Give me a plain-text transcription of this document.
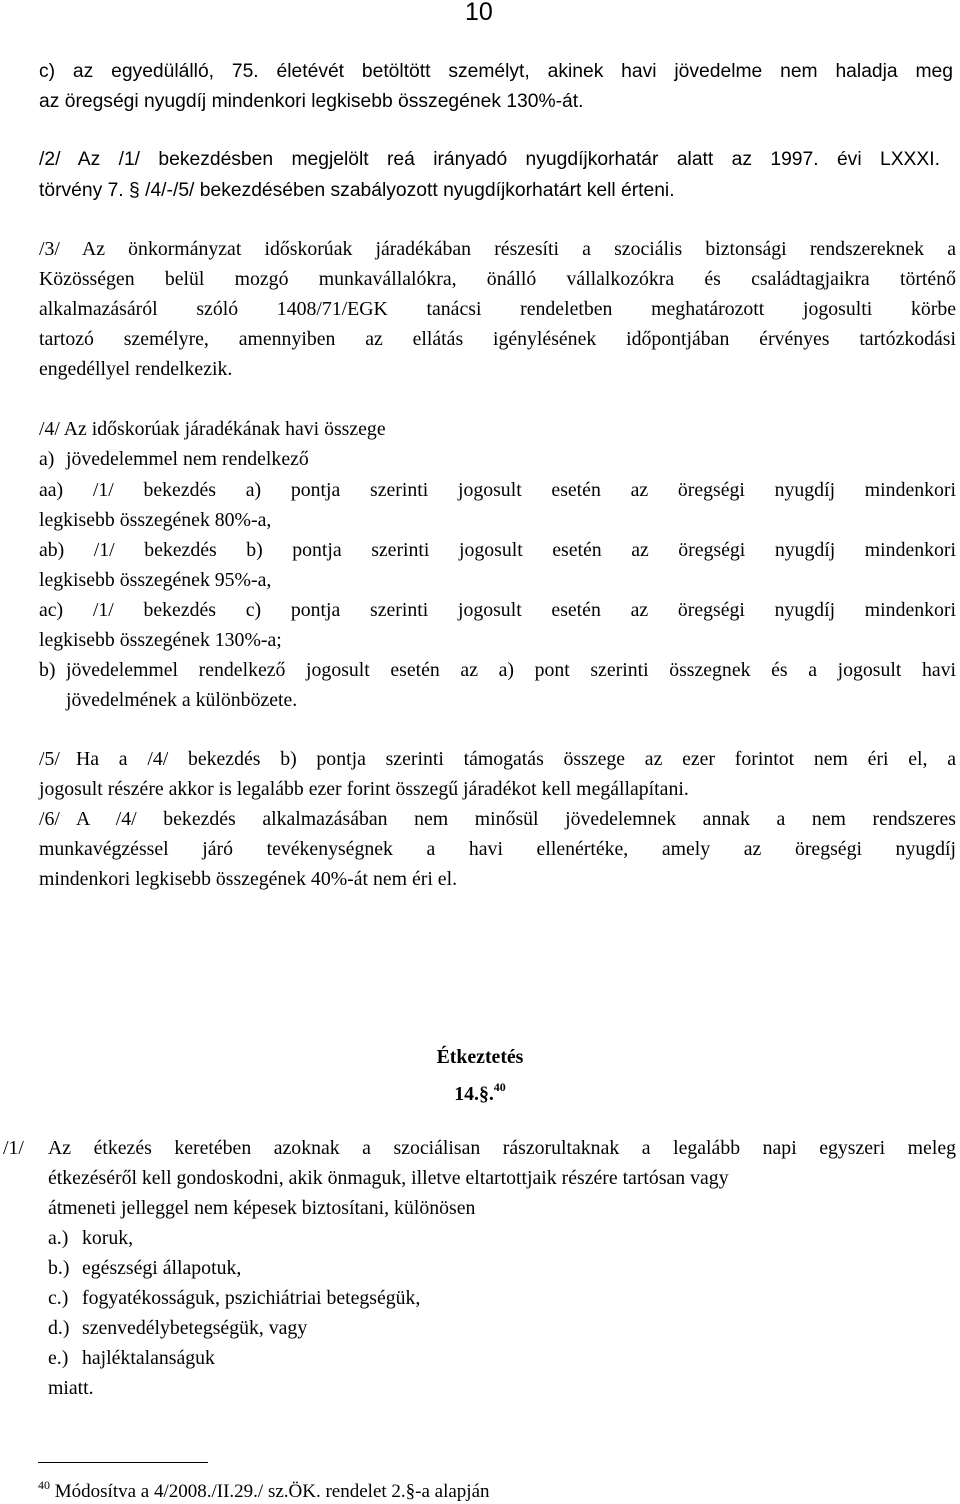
10
c) az egyedülálló, 75. életévét betöltött személyt, akinek havi jövedelme nem haladja meg
az öregségi nyugdíj mindenkori legkisebb összegének 130%-át.
/2/ Az /1/ bekezdésben megjelölt reá irányadó nyugdíjkorhatár alatt az 1997. évi LXXXI.
törvény 7. § /4/-/5/ bekezdésében szabályozott nyugdíjkorhatárt kell érteni.
/3/ Az önkormányzat időskorúak járadékában részesíti a szociális biztonsági rendszereknek a
Közösségen belül mozgó munkavállalókra, önálló vállalkozókra és családtagjaikra történő
alkalmazásáról szóló 1408/71/EGK tanácsi rendeletben meghatározott jogosulti körbe
tartozó személyre, amennyiben az ellátás igénylésének időpontjában érvényes tartózkodási
engedéllyel rendelkezik.
/4/ Az időskorúak járadékának havi összege
a) jövedelemmel nem rendelkező
aa) /1/ bekezdés a) pontja szerinti jogosult esetén az öregségi nyugdíj mindenkori
legkisebb összegének 80%-a,
ab) /1/ bekezdés b) pontja szerinti jogosult esetén az öregségi nyugdíj mindenkori
legkisebb összegének 95%-a,
ac) /1/ bekezdés c) pontja szerinti jogosult esetén az öregségi nyugdíj mindenkori
legkisebb összegének 130%-a;
b) jövedelemmel rendelkező jogosult esetén az a) pont szerinti összegnek és a jogosult havi
jövedelmének a különbözete.
/5/ Ha a /4/ bekezdés b) pontja szerinti támogatás összege az ezer forintot nem éri el, a
jogosult részére akkor is legalább ezer forint összegű járadékot kell megállapítani.
/6/ A /4/ bekezdés alkalmazásában nem minősül jövedelemnek annak a nem rendszeres
munkavégzéssel járó tevékenységnek a havi ellenértéke, amely az öregségi nyugdíj
mindenkori legkisebb összegének 40%-át nem éri el.
Étkeztetés
14.§.$^{40}$
/1/ Az étkezés keretében azoknak a szociálisan rászorultaknak a legalább napi egyszeri meleg
étkezéséről kell gondoskodni, akik önmaguk, illetve eltartottjaik részére tartósan vagy
átmeneti jelleggel nem képesek biztosítani, különösen
a.) koruk,
b.) egészségi állapotuk,
c.) fogyatékosságuk, pszichiátriai betegségük,
d.) szenvedélybetegségük, vagy
e.) hajléktalanságuk
miatt.
$^{40}$ Módosítva a 4/2008./II.29./ sz.ÖK. rendelet 2.§-a alapján
